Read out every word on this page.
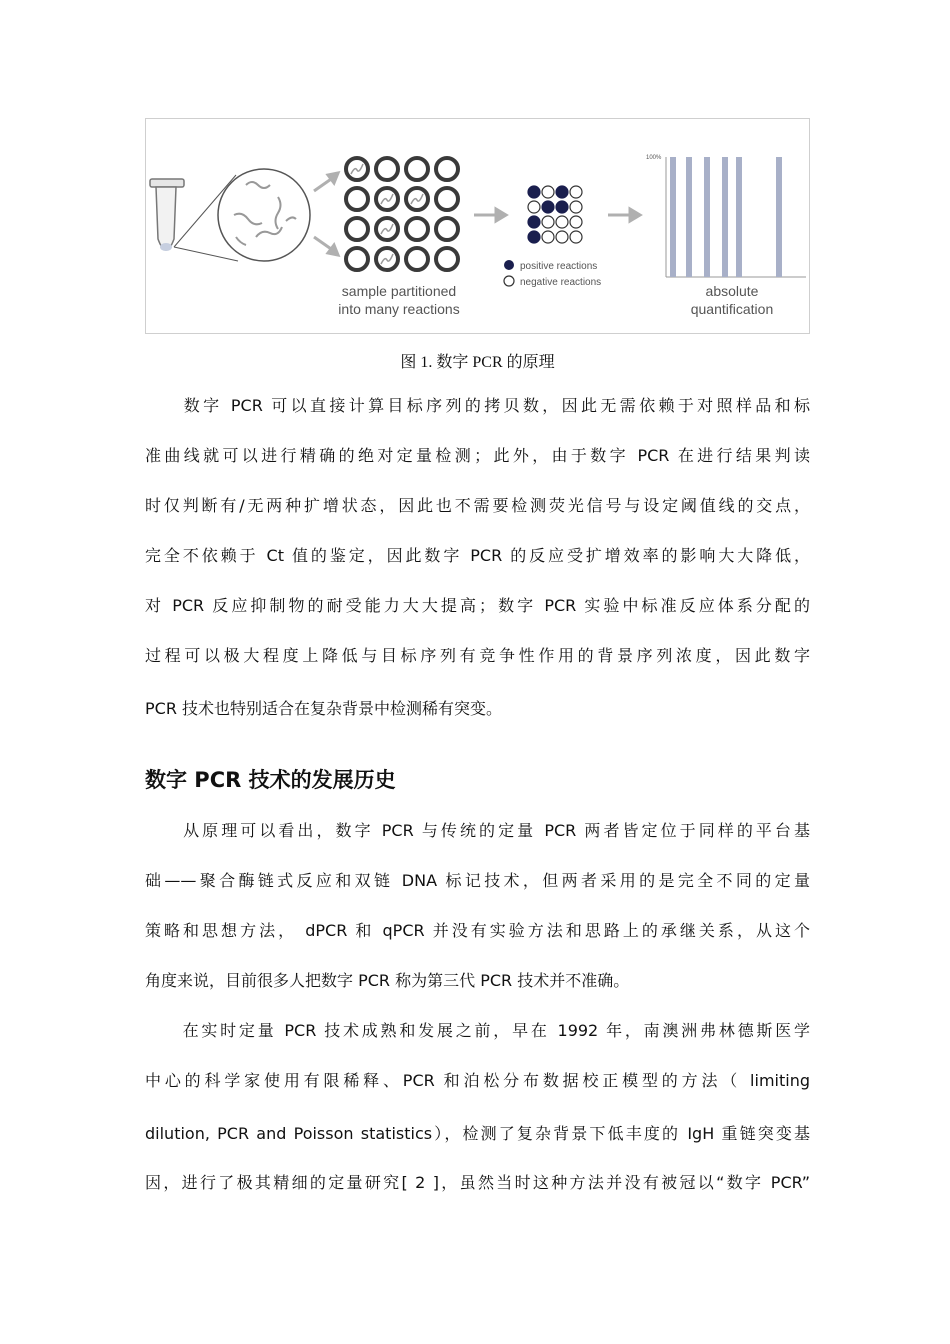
positive reactions
negative reactions
sample partitioned
into many reactions
100%
absolute
quantification
图 1. 数字 PCR 的原理
　　数字 PCR 可以直接计算目标序列的拷贝数，因此无需依赖于对照样品和标
准曲线就可以进行精确的绝对定量检测；此外，由于数字 PCR 在进行结果判读
时仅判断有/无两种扩增状态，因此也不需要检测荧光信号与设定阈值线的交点，
完全不依赖于 Ct 值的鉴定，因此数字 PCR 的反应受扩增效率的影响大大降低，
对 PCR 反应抑制物的耐受能力大大提高；数字 PCR 实验中标准反应体系分配的
过程可以极大程度上降低与目标序列有竞争性作用的背景序列浓度，因此数字
PCR 技术也特别适合在复杂背景中检测稀有突变。
数字 PCR 技术的发展历史
　　从原理可以看出，数字 PCR 与传统的定量 PCR 两者皆定位于同样的平台基
础——聚合酶链式反应和双链 DNA 标记技术，但两者采用的是完全不同的定量
策略和思想方法， dPCR 和 qPCR 并没有实验方法和思路上的承继关系，从这个
角度来说，目前很多人把数字 PCR 称为第三代 PCR 技术并不准确。
　　在实时定量 PCR 技术成熟和发展之前，早在 1992 年，南澳洲弗林德斯医学
中心的科学家使用有限稀释、PCR 和泊松分布数据校正模型的方法（ limiting
dilution, PCR and Poisson statistics），检测了复杂背景下低丰度的 IgH 重链突变基
因，进行了极其精细的定量研究[ 2 ]，虽然当时这种方法并没有被冠以“数字 PCR”
